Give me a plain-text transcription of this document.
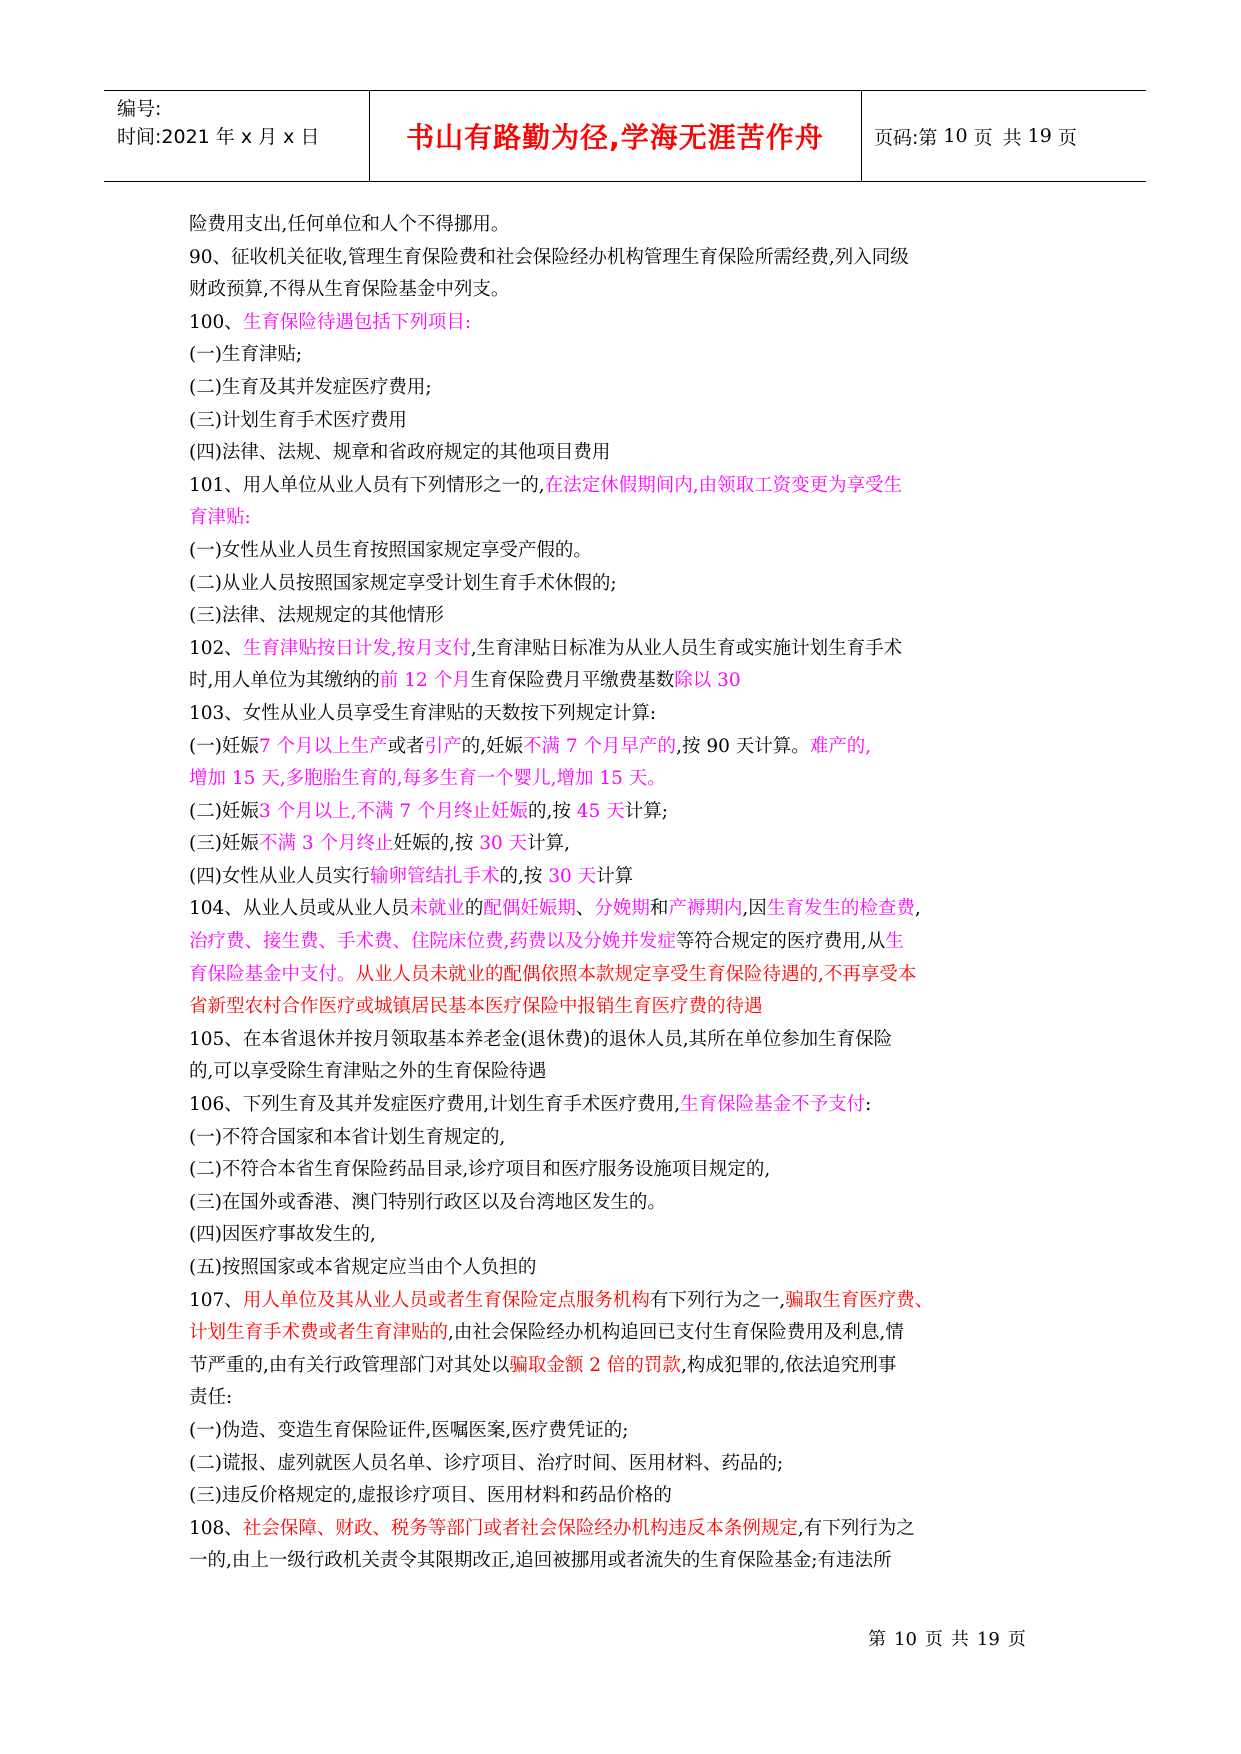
编号:
时间:2021 年 x 月 x 日	书山有路勤为径,学海无涯苦作舟	页码:第 10 页 共 19 页
险费用支出,任何单位和人个不得挪用。
90、征收机关征收,管理生育保险费和社会保险经办机构管理生育保险所需经费,列入同级
财政预算,不得从生育保险基金中列支。
100、生育保险待遇包括下列项目:
(一)生育津贴;
(二)生育及其并发症医疗费用;
(三)计划生育手术医疗费用
(四)法律、法规、规章和省政府规定的其他项目费用
101、用人单位从业人员有下列情形之一的,在法定休假期间内,由领取工资变更为享受生
育津贴:
(一)女性从业人员生育按照国家规定享受产假的。
(二)从业人员按照国家规定享受计划生育手术休假的;
(三)法律、法规规定的其他情形
102、生育津贴按日计发,按月支付,生育津贴日标准为从业人员生育或实施计划生育手术
时,用人单位为其缴纳的前 12 个月生育保险费月平缴费基数除以 30
103、女性从业人员享受生育津贴的天数按下列规定计算:
(一)妊娠7 个月以上生产或者引产的,妊娠不满 7 个月早产的,按 90 天计算。难产的,
增加 15 天,多胞胎生育的,每多生育一个婴儿,增加 15 天。
(二)妊娠3 个月以上,不满 7 个月终止妊娠的,按 45 天计算;
(三)妊娠不满 3 个月终止妊娠的,按 30 天计算,
(四)女性从业人员实行输卵管结扎手术的,按 30 天计算
104、从业人员或从业人员未就业的配偶妊娠期、分娩期和产褥期内,因生育发生的检查费,
治疗费、接生费、手术费、住院床位费,药费以及分娩并发症等符合规定的医疗费用,从生
育保险基金中支付。从业人员未就业的配偶依照本款规定享受生育保险待遇的,不再享受本
省新型农村合作医疗或城镇居民基本医疗保险中报销生育医疗费的待遇
105、在本省退休并按月领取基本养老金(退休费)的退休人员,其所在单位参加生育保险
的,可以享受除生育津贴之外的生育保险待遇
106、下列生育及其并发症医疗费用,计划生育手术医疗费用,生育保险基金不予支付:
(一)不符合国家和本省计划生育规定的,
(二)不符合本省生育保险药品目录,诊疗项目和医疗服务设施项目规定的,
(三)在国外或香港、澳门特别行政区以及台湾地区发生的。
(四)因医疗事故发生的,
(五)按照国家或本省规定应当由个人负担的
107、用人单位及其从业人员或者生育保险定点服务机构有下列行为之一,骗取生育医疗费、
计划生育手术费或者生育津贴的,由社会保险经办机构追回已支付生育保险费用及利息,情
节严重的,由有关行政管理部门对其处以骗取金额 2 倍的罚款,构成犯罪的,依法追究刑事
责任:
(一)伪造、变造生育保险证件,医嘱医案,医疗费凭证的;
(二)谎报、虚列就医人员名单、诊疗项目、治疗时间、医用材料、药品的;
(三)违反价格规定的,虚报诊疗项目、医用材料和药品价格的
108、社会保障、财政、税务等部门或者社会保险经办机构违反本条例规定,有下列行为之
一的,由上一级行政机关责令其限期改正,追回被挪用或者流失的生育保险基金;有违法所
第 10 页 共 19 页
